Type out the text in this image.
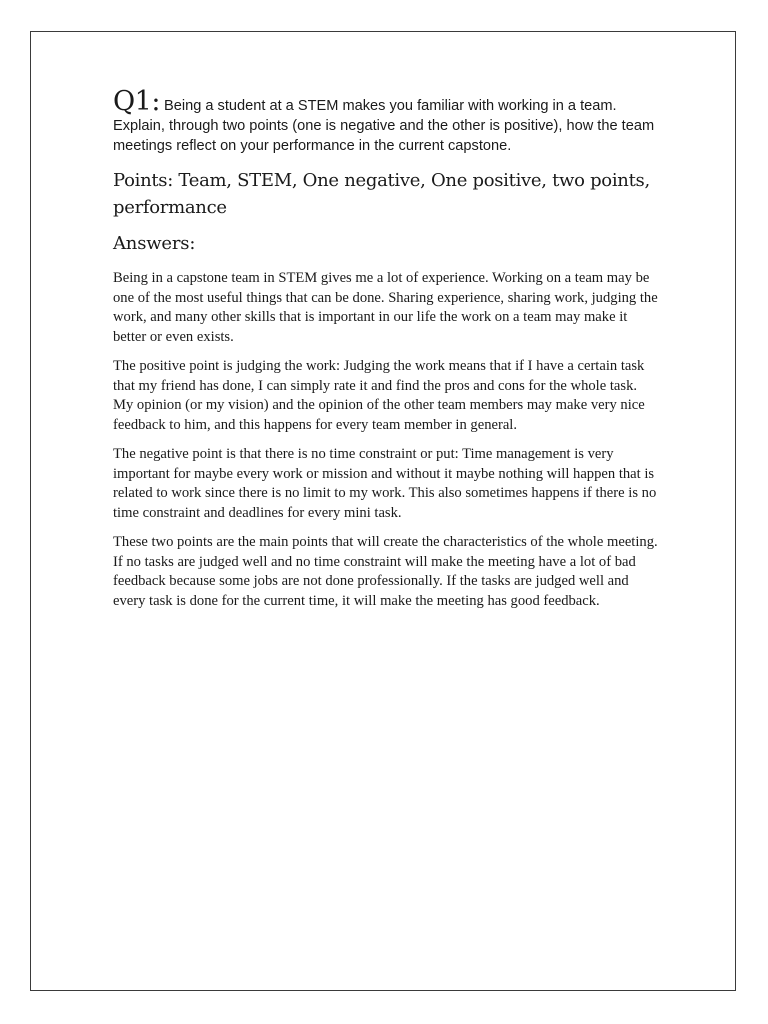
Q1: Being a student at a STEM makes you familiar with working in a team. Explain, through two points (one is negative and the other is positive), how the team meetings reflect on your performance in the current capstone.

Points: Team, STEM, One negative, One positive, two points, performance

Answers:

Being in a capstone team in STEM gives me a lot of experience. Working on a team may be one of the most useful things that can be done. Sharing experience, sharing work, judging the work, and many other skills that is important in our life the work on a team may make it better or even exists.

The positive point is judging the work: Judging the work means that if I have a certain task that my friend has done, I can simply rate it and find the pros and cons for the whole task. My opinion (or my vision) and the opinion of the other team members may make very nice feedback to him, and this happens for every team member in general.

The negative point is that there is no time constraint or put: Time management is very important for maybe every work or mission and without it maybe nothing will happen that is related to work since there is no limit to my work. This also sometimes happens if there is no time constraint and deadlines for every mini task.

These two points are the main points that will create the characteristics of the whole meeting. If no tasks are judged well and no time constraint will make the meeting have a lot of bad feedback because some jobs are not done professionally. If the tasks are judged well and every task is done for the current time, it will make the meeting has good feedback.
